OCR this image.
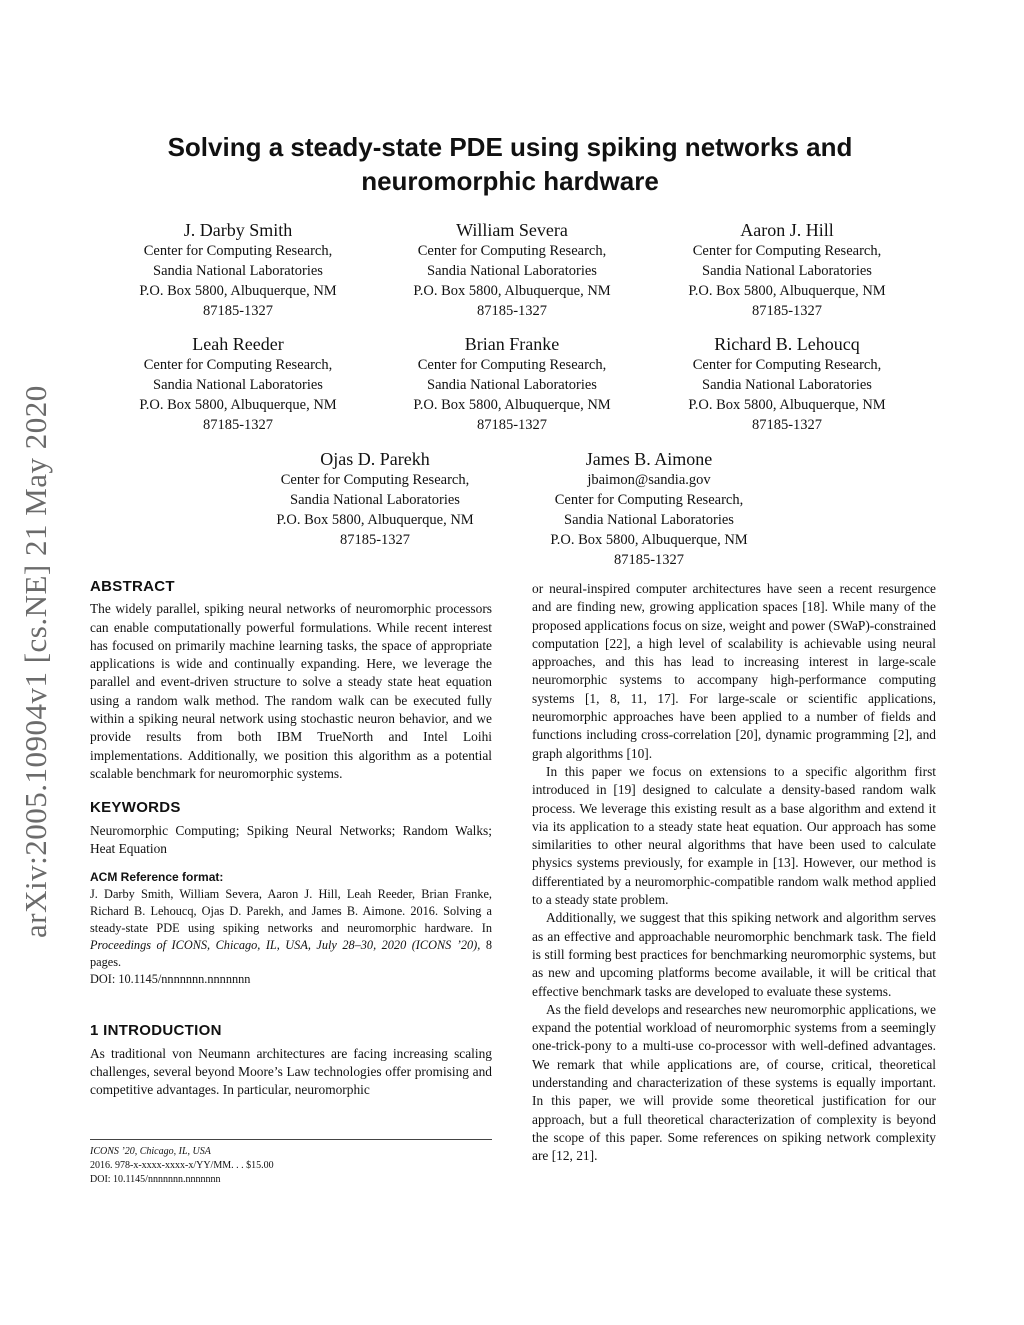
arXiv:2005.10904v1 [cs.NE] 21 May 2020
Solving a steady-state PDE using spiking networks and
neuromorphic hardware
J. Darby Smith
Center for Computing Research,
Sandia National Laboratories
P.O. Box 5800, Albuquerque, NM
87185-1327
William Severa
Center for Computing Research,
Sandia National Laboratories
P.O. Box 5800, Albuquerque, NM
87185-1327
Aaron J. Hill
Center for Computing Research,
Sandia National Laboratories
P.O. Box 5800, Albuquerque, NM
87185-1327
Leah Reeder
Center for Computing Research,
Sandia National Laboratories
P.O. Box 5800, Albuquerque, NM
87185-1327
Brian Franke
Center for Computing Research,
Sandia National Laboratories
P.O. Box 5800, Albuquerque, NM
87185-1327
Richard B. Lehoucq
Center for Computing Research,
Sandia National Laboratories
P.O. Box 5800, Albuquerque, NM
87185-1327
Ojas D. Parekh
Center for Computing Research,
Sandia National Laboratories
P.O. Box 5800, Albuquerque, NM
87185-1327
James B. Aimone
jbaimon@sandia.gov
Center for Computing Research,
Sandia National Laboratories
P.O. Box 5800, Albuquerque, NM
87185-1327
ABSTRACT

The widely parallel, spiking neural networks of neuromorphic processors can enable computationally powerful formulations. While recent interest has focused on primarily machine learning tasks, the space of appropriate applications is wide and continually expanding. Here, we leverage the parallel and event-driven structure to solve a steady state heat equation using a random walk method. The random walk can be executed fully within a spiking neural network using stochastic neuron behavior, and we provide results from both IBM TrueNorth and Intel Loihi implementations. Additionally, we position this algorithm as a potential scalable benchmark for neuromorphic systems.

KEYWORDS

Neuromorphic Computing; Spiking Neural Networks; Random Walks; Heat Equation

ACM Reference format:
J. Darby Smith, William Severa, Aaron J. Hill, Leah Reeder, Brian Franke, Richard B. Lehoucq, Ojas D. Parekh, and James B. Aimone. 2016. Solving a steady-state PDE using spiking networks and neuromorphic hardware. In Proceedings of ICONS, Chicago, IL, USA, July 28–30, 2020 (ICONS ’20), 8 pages.
DOI: 10.1145/nnnnnnn.nnnnnnn
1 INTRODUCTION

As traditional von Neumann architectures are facing increasing scaling challenges, several beyond Moore’s Law technologies offer promising and competitive advantages. In particular, neuromorphic

ICONS ’20, Chicago, IL, USA
2016. 978-x-xxxx-xxxx-x/YY/MM. . . $15.00
DOI: 10.1145/nnnnnnn.nnnnnnn

or neural-inspired computer architectures have seen a recent resurgence and are finding new, growing application spaces [18]. While many of the proposed applications focus on size, weight and power (SWaP)-constrained computation [22], a high level of scalability is achievable using neural approaches, and this has lead to increasing interest in large-scale neuromorphic systems to accompany high-performance computing systems [1, 8, 11, 17]. For large-scale or scientific applications, neuromorphic approaches have been applied to a number of fields and functions including cross-correlation [20], dynamic programming [2], and graph algorithms [10].

In this paper we focus on extensions to a specific algorithm first introduced in [19] designed to calculate a density-based random walk process. We leverage this existing result as a base algorithm and extend it via its application to a steady state heat equation. Our approach has some similarities to other neural algorithms that have been used to calculate physics systems previously, for example in [13]. However, our method is differentiated by a neuromorphic-compatible random walk method applied to a steady state problem.

Additionally, we suggest that this spiking network and algorithm serves as an effective and approachable neuromorphic benchmark task. The field is still forming best practices for benchmarking neuromorphic systems, but as new and upcoming platforms become available, it will be critical that effective benchmark tasks are developed to evaluate these systems.

As the field develops and researches new neuromorphic applications, we expand the potential workload of neuromorphic systems from a seemingly one-trick-pony to a multi-use co-processor with well-defined advantages. We remark that while applications are, of course, critical, theoretical understanding and characterization of these systems is equally important. In this paper, we will provide some theoretical justification for our approach, but a full theoretical characterization of complexity is beyond the scope of this paper. Some references on spiking network complexity are [12, 21].
